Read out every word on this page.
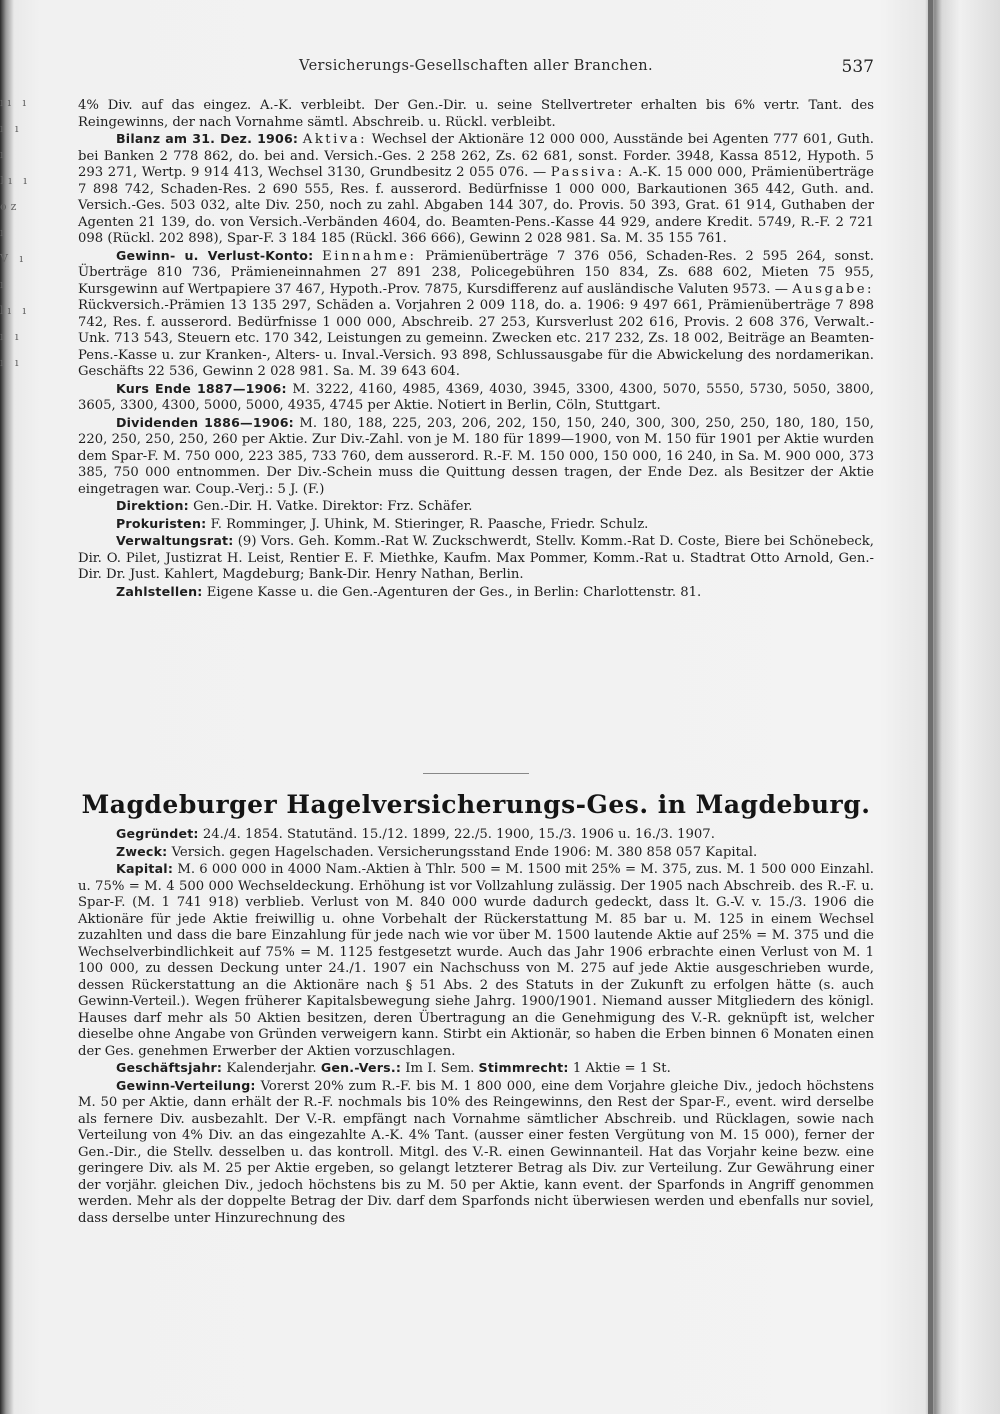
ıı ı
ı ı
ı
Iı ı
oz ı
V ı
ı
lı ı
ı ı
ı ı
Versicherungs-Gesellschaften aller Branchen.	537

4% Div. auf das eingez. A.-K. verbleibt. Der Gen.-Dir. u. seine Stellvertreter erhalten bis 6% vertr. Tant. des Reingewinns, der nach Vornahme sämtl. Abschreib. u. Rückl. verbleibt.

Bilanz am 31. Dez. 1906: Aktiva: Wechsel der Aktionäre 12 000 000, Ausstände bei Agenten 777 601, Guth. bei Banken 2 778 862, do. bei and. Versich.-Ges. 2 258 262, Zs. 62 681, sonst. Forder. 3948, Kassa 8512, Hypoth. 5 293 271, Wertp. 9 914 413, Wechsel 3130, Grundbesitz 2 055 076. — Passiva: A.-K. 15 000 000, Prämienüberträge 7 898 742, Schaden-Res. 2 690 555, Res. f. ausserord. Bedürfnisse 1 000 000, Barkautionen 365 442, Guth. and. Versich.-Ges. 503 032, alte Div. 250, noch zu zahl. Abgaben 144 307, do. Provis. 50 393, Grat. 61 914, Guthaben der Agenten 21 139, do. von Versich.-Verbänden 4604, do. Beamten-Pens.-Kasse 44 929, andere Kredit. 5749, R.-F. 2 721 098 (Rückl. 202 898), Spar-F. 3 184 185 (Rückl. 366 666), Gewinn 2 028 981. Sa. M. 35 155 761.

Gewinn- u. Verlust-Konto: Einnahme: Prämienüberträge 7 376 056, Schaden-Res. 2 595 264, sonst. Überträge 810 736, Prämieneinnahmen 27 891 238, Policegebühren 150 834, Zs. 688 602, Mieten 75 955, Kursgewinn auf Wertpapiere 37 467, Hypoth.-Prov. 7875, Kursdifferenz auf ausländische Valuten 9573. — Ausgabe: Rückversich.-Prämien 13 135 297, Schäden a. Vorjahren 2 009 118, do. a. 1906: 9 497 661, Prämienüberträge 7 898 742, Res. f. ausserord. Bedürfnisse 1 000 000, Abschreib. 27 253, Kursverlust 202 616, Provis. 2 608 376, Verwalt.-Unk. 713 543, Steuern etc. 170 342, Leistungen zu gemeinn. Zwecken etc. 217 232, Zs. 18 002, Beiträge an Beamten-Pens.-Kasse u. zur Kranken-, Alters- u. Inval.-Versich. 93 898, Schlussausgabe für die Abwickelung des nordamerikan. Geschäfts 22 536, Gewinn 2 028 981. Sa. M. 39 643 604.

Kurs Ende 1887—1906: M. 3222, 4160, 4985, 4369, 4030, 3945, 3300, 4300, 5070, 5550, 5730, 5050, 3800, 3605, 3300, 4300, 5000, 5000, 4935, 4745 per Aktie. Notiert in Berlin, Cöln, Stuttgart.

Dividenden 1886—1906: M. 180, 188, 225, 203, 206, 202, 150, 150, 240, 300, 300, 250, 250, 180, 180, 150, 220, 250, 250, 250, 260 per Aktie. Zur Div.-Zahl. von je M. 180 für 1899—1900, von M. 150 für 1901 per Aktie wurden dem Spar-F. M. 750 000, 223 385, 733 760, dem ausserord. R.-F. M. 150 000, 150 000, 16 240, in Sa. M. 900 000, 373 385, 750 000 entnommen. Der Div.-Schein muss die Quittung dessen tragen, der Ende Dez. als Besitzer der Aktie eingetragen war. Coup.-Verj.: 5 J. (F.)

Direktion: Gen.-Dir. H. Vatke. Direktor: Frz. Schäfer.

Prokuristen: F. Romminger, J. Uhink, M. Stieringer, R. Paasche, Friedr. Schulz.

Verwaltungsrat: (9) Vors. Geh. Komm.-Rat W. Zuckschwerdt, Stellv. Komm.-Rat D. Coste, Biere bei Schönebeck, Dir. O. Pilet, Justizrat H. Leist, Rentier E. F. Miethke, Kaufm. Max Pommer, Komm.-Rat u. Stadtrat Otto Arnold, Gen.-Dir. Dr. Just. Kahlert, Magdeburg; Bank-Dir. Henry Nathan, Berlin.

Zahlstellen: Eigene Kasse u. die Gen.-Agenturen der Ges., in Berlin: Charlottenstr. 81.

Magdeburger Hagelversicherungs-Ges. in Magdeburg.

Gegründet: 24./4. 1854. Statutänd. 15./12. 1899, 22./5. 1900, 15./3. 1906 u. 16./3. 1907.

Zweck: Versich. gegen Hagelschaden. Versicherungsstand Ende 1906: M. 380 858 057 Kapital.

Kapital: M. 6 000 000 in 4000 Nam.-Aktien à Thlr. 500 = M. 1500 mit 25% = M. 375, zus. M. 1 500 000 Einzahl. u. 75% = M. 4 500 000 Wechseldeckung. Erhöhung ist vor Vollzahlung zulässig. Der 1905 nach Abschreib. des R.-F. u. Spar-F. (M. 1 741 918) verblieb. Verlust von M. 840 000 wurde dadurch gedeckt, dass lt. G.-V. v. 15./3. 1906 die Aktionäre für jede Aktie freiwillig u. ohne Vorbehalt der Rückerstattung M. 85 bar u. M. 125 in einem Wechsel zuzahlten und dass die bare Einzahlung für jede nach wie vor über M. 1500 lautende Aktie auf 25% = M. 375 und die Wechselverbindlichkeit auf 75% = M. 1125 festgesetzt wurde. Auch das Jahr 1906 erbrachte einen Verlust von M. 1 100 000, zu dessen Deckung unter 24./1. 1907 ein Nachschuss von M. 275 auf jede Aktie ausgeschrieben wurde, dessen Rückerstattung an die Aktionäre nach § 51 Abs. 2 des Statuts in der Zukunft zu erfolgen hätte (s. auch Gewinn-Verteil.). Wegen früherer Kapitalsbewegung siehe Jahrg. 1900/1901. Niemand ausser Mitgliedern des königl. Hauses darf mehr als 50 Aktien besitzen, deren Übertragung an die Genehmigung des V.-R. geknüpft ist, welcher dieselbe ohne Angabe von Gründen verweigern kann. Stirbt ein Aktionär, so haben die Erben binnen 6 Monaten einen der Ges. genehmen Erwerber der Aktien vorzuschlagen.

Geschäftsjahr: Kalenderjahr. Gen.-Vers.: Im I. Sem. Stimmrecht: 1 Aktie = 1 St.

Gewinn-Verteilung: Vorerst 20% zum R.-F. bis M. 1 800 000, eine dem Vorjahre gleiche Div., jedoch höchstens M. 50 per Aktie, dann erhält der R.-F. nochmals bis 10% des Reingewinns, den Rest der Spar-F., event. wird derselbe als fernere Div. ausbezahlt. Der V.-R. empfängt nach Vornahme sämtlicher Abschreib. und Rücklagen, sowie nach Verteilung von 4% Div. an das eingezahlte A.-K. 4% Tant. (ausser einer festen Vergütung von M. 15 000), ferner der Gen.-Dir., die Stellv. desselben u. das kontroll. Mitgl. des V.-R. einen Gewinnanteil. Hat das Vorjahr keine bezw. eine geringere Div. als M. 25 per Aktie ergeben, so gelangt letzterer Betrag als Div. zur Verteilung. Zur Gewährung einer der vorjähr. gleichen Div., jedoch höchstens bis zu M. 50 per Aktie, kann event. der Sparfonds in Angriff genommen werden. Mehr als der doppelte Betrag der Div. darf dem Sparfonds nicht überwiesen werden und ebenfalls nur soviel, dass derselbe unter Hinzurechnung des
